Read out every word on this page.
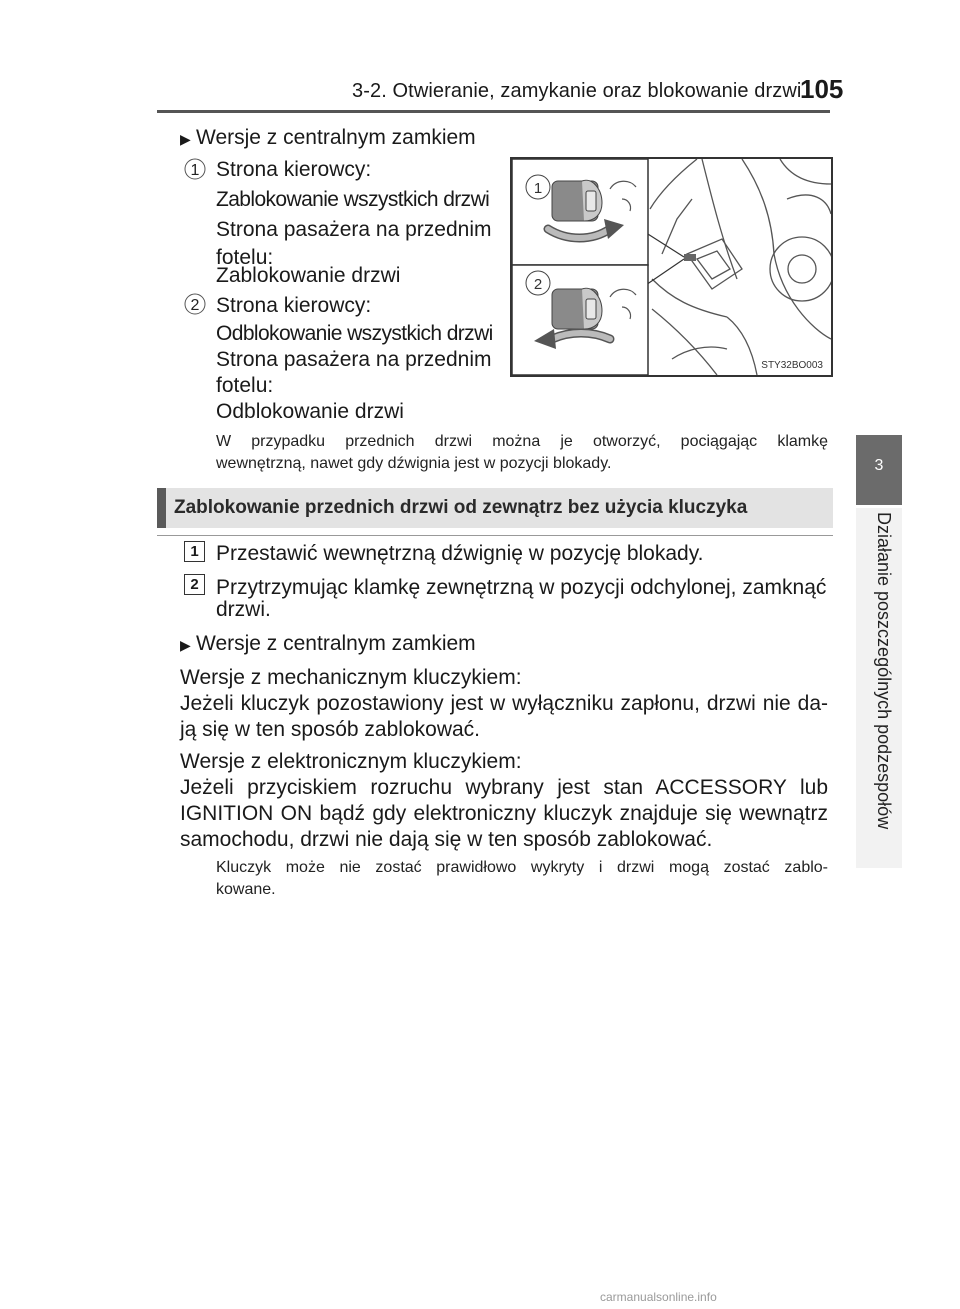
3-2. Otwieranie, zamykanie oraz blokowanie drzwi
105
3
Działanie poszczególnych podzespołów
▶ Wersje z centralnym zamkiem
1 Strona kierowcy:
Zablokowanie wszystkich drzwi
Strona pasażera na przednim
fotelu:
Zablokowanie drzwi
2 Strona kierowcy:
Odblokowanie wszystkich drzwi
Strona pasażera na przednim
fotelu:
Odblokowanie drzwi
W przypadku przednich drzwi można je otworzyć, pociągając klamkę
wewnętrzną, nawet gdy dźwignia jest w pozycji blokady.
1
2
STY32BO003
Zablokowanie przednich drzwi od zewnątrz bez użycia kluczyka
1 Przestawić wewnętrzną dźwignię w pozycję blokady.
2 Przytrzymując klamkę zewnętrzną w pozycji odchylonej, zamknąć
drzwi.
▶ Wersje z centralnym zamkiem
Wersje z mechanicznym kluczykiem:
Jeżeli kluczyk pozostawiony jest w wyłączniku zapłonu, drzwi nie da-
ją się w ten sposób zablokować.
Wersje z elektronicznym kluczykiem:
Jeżeli przyciskiem rozruchu wybrany jest stan ACCESSORY lub
IGNITION ON bądź gdy elektroniczny kluczyk znajduje się wewnątrz
samochodu, drzwi nie dają się w ten sposób zablokować.
Kluczyk może nie zostać prawidłowo wykryty i drzwi mogą zostać zablo-
kowane.
carmanualsonline.info
